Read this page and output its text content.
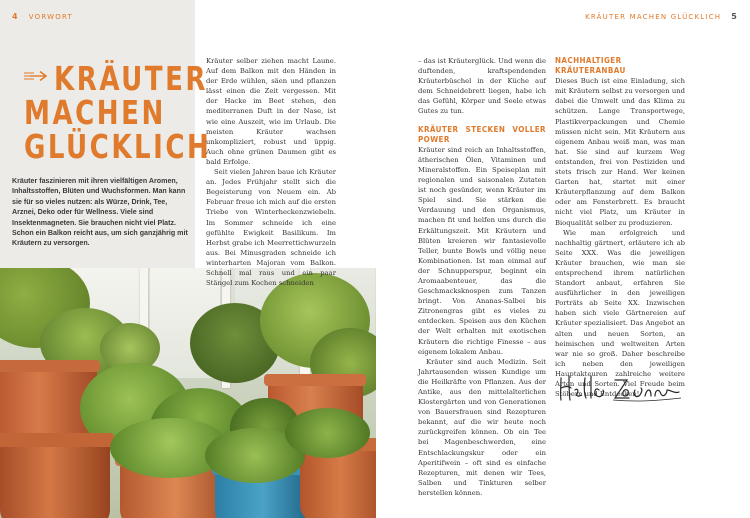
4 VORWORT
KRÄUTER
MACHEN
GLÜCKLICH

Kräuter faszinieren mit ihren vielfältigen Aromen, Inhaltsstoffen, Blüten und Wuchsformen. Man kann sie für so vieles nutzen: als Würze, Drink, Tee, Arznei, Deko oder für Wellness. Viele sind Insektenmagneten. Sie brauchen nicht viel Platz. Schon ein Balkon reicht aus, um sich ganzjährig mit Kräutern zu versorgen.

KRÄUTER MACHEN GLÜCKLICH 5

Kräuter selber ziehen macht Laune. Auf dem Balkon mit den Händen in der Erde wühlen, säen und pflanzen lässt einen die Zeit vergessen. Mit der Hacke im Beet stehen, den mediterranen Duft in der Nase, ist wie eine Auszeit, wie im Urlaub. Die meisten Kräuter wachsen unkompliziert, robust und üppig. Auch ohne grünen Daumen gibt es bald Erfolge.

Seit vielen Jahren baue ich Kräuter an. Jedes Frühjahr stellt sich die Begeisterung von Neuem ein. Ab Februar freue ich mich auf die ersten Triebe von Winterheckenzwiebeln. Im Sommer schneide ich eine gefühlte Ewigkeit Basilikum. Im Herbst grabe ich Meerrettichwurzeln aus. Bei Minusgraden schneide ich winterharten Majoran vom Balkon. Schnell mal raus und ein paar Stängel zum Kochen schneiden

– das ist Kräuterglück. Und wenn die duftenden, kraftspendenden Kräuterbüschel in der Küche auf dem Schneidebrett liegen, habe ich das Gefühl, Körper und Seele etwas Gutes zu tun.

KRÄUTER STECKEN VOLLER POWER

Kräuter sind reich an Inhaltsstoffen, ätherischen Ölen, Vitaminen und Mineralstoffen. Ein Speiseplan mit regionalen und saisonalen Zutaten ist noch gesünder, wenn Kräuter im Spiel sind. Sie stärken die Verdauung und den Organismus, machen fit und helfen uns durch die Erkältungszeit. Mit Kräutern und Blüten kreieren wir fantasievolle Teller, bunte Bowls und völlig neue Kombinationen. Ist man einmal auf der Schnupperspur, beginnt ein Aromaabenteuer, das die Geschmacksknospen zum Tanzen bringt. Von Ananas-Salbei bis Zitronengras gibt es vieles zu entdecken. Speisen aus den Küchen der Welt erhalten mit exotischen Kräutern die richtige Finesse – aus eigenem lokalem Anbau.

Kräuter sind auch Medizin. Seit Jahrtausenden wissen Kundige um die Heilkräfte von Pflanzen. Aus der Antike, aus den mittelalterlichen Klostergärten und von Generationen von Bauersfrauen sind Rezepturen bekannt, auf die wir heute noch zurückgreifen können. Ob ein Tee bei Magenbeschwerden, eine Entschlackungskur oder ein Aperitifwein – oft sind es einfache Rezepturen, mit denen wir Tees, Salben und Tinkturen selber herstellen können.

NACHHALTIGER KRÄUTERANBAU

Dieses Buch ist eine Einladung, sich mit Kräutern selbst zu versorgen und dabei die Umwelt und das Klima zu schützen. Lange Transportwege, Plastikverpackungen und Chemie müssen nicht sein. Mit Kräutern aus eigenem Anbau weiß man, was man hat. Sie sind auf kurzem Weg entstanden, frei von Pestiziden und stets frisch zur Hand. Wer keinen Garten hat, startet mit einer Kräuterpflanzung auf dem Balkon oder am Fensterbrett. Es braucht nicht viel Platz, um Kräuter in Bioqualität selber zu produzieren.

Wie man erfolgreich und nachhaltig gärtnert, erläutere ich ab Seite XXX. Was die jeweiligen Kräuter brauchen, wie man sie entsprechend ihrem natürlichen Standort anbaut, erfahren Sie ausführlicher in den jeweiligen Porträts ab Seite XX. Inzwischen haben sich viele Gärtnereien auf Kräuter spezialisiert. Das Angebot an alten und neuen Sorten, an heimischen und weltweiten Arten war nie so groß. Daher beschreibe ich neben den jeweiligen Hauptakteuren zahlreiche weitere Arten und Sorten. Viel Freude beim Stöbern und Entdecken!
